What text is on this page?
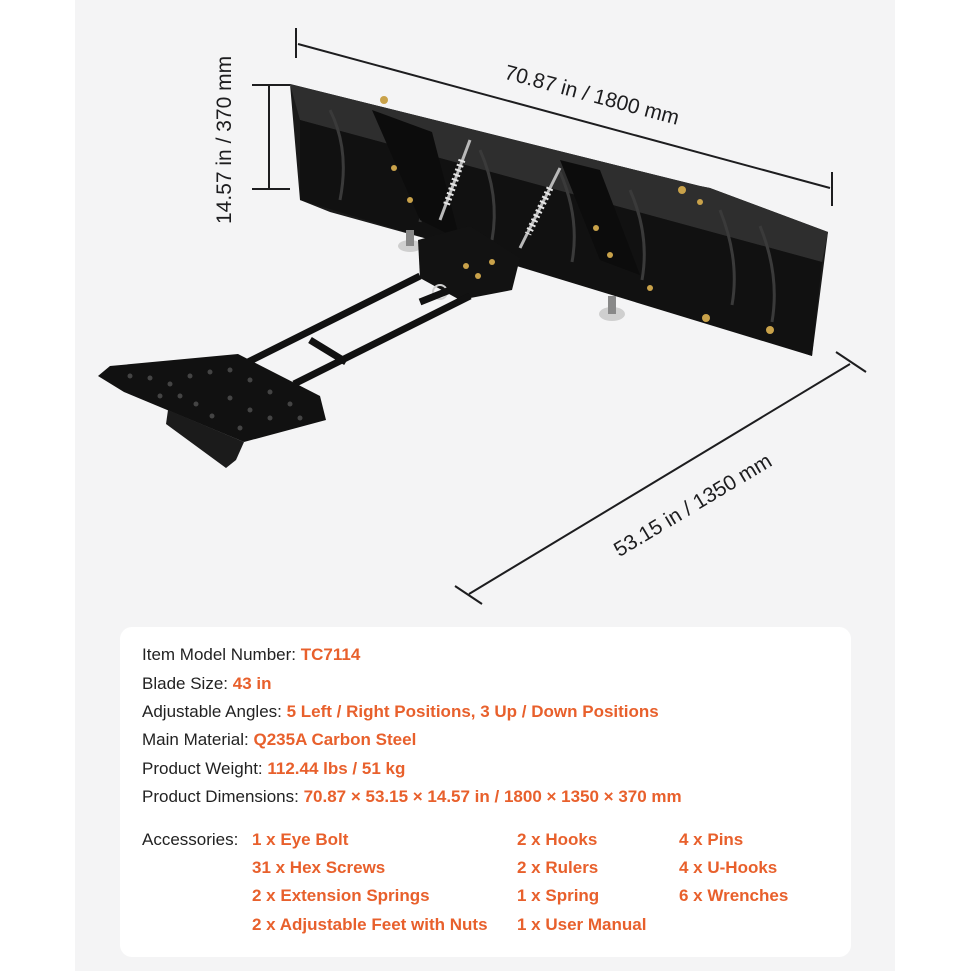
70.87 in / 1800 mm
14.57 in / 370 mm
53.15 in / 1350 mm
Item Model Number: TC7114
Blade Size: 43 in
Adjustable Angles: 5 Left / Right Positions, 3 Up / Down Positions
Main Material: Q235A Carbon Steel
Product Weight: 112.44 lbs / 51 kg
Product Dimensions: 70.87 × 53.15 × 14.57 in / 1800 × 1350 × 370 mm
Accessories: 1 x Eye Bolt
31 x Hex Screws
2 x Extension Springs
2 x Adjustable Feet with Nuts
2 x Hooks
2 x Rulers
1 x Spring
1 x User Manual
4 x Pins
4 x U-Hooks
6 x Wrenches
